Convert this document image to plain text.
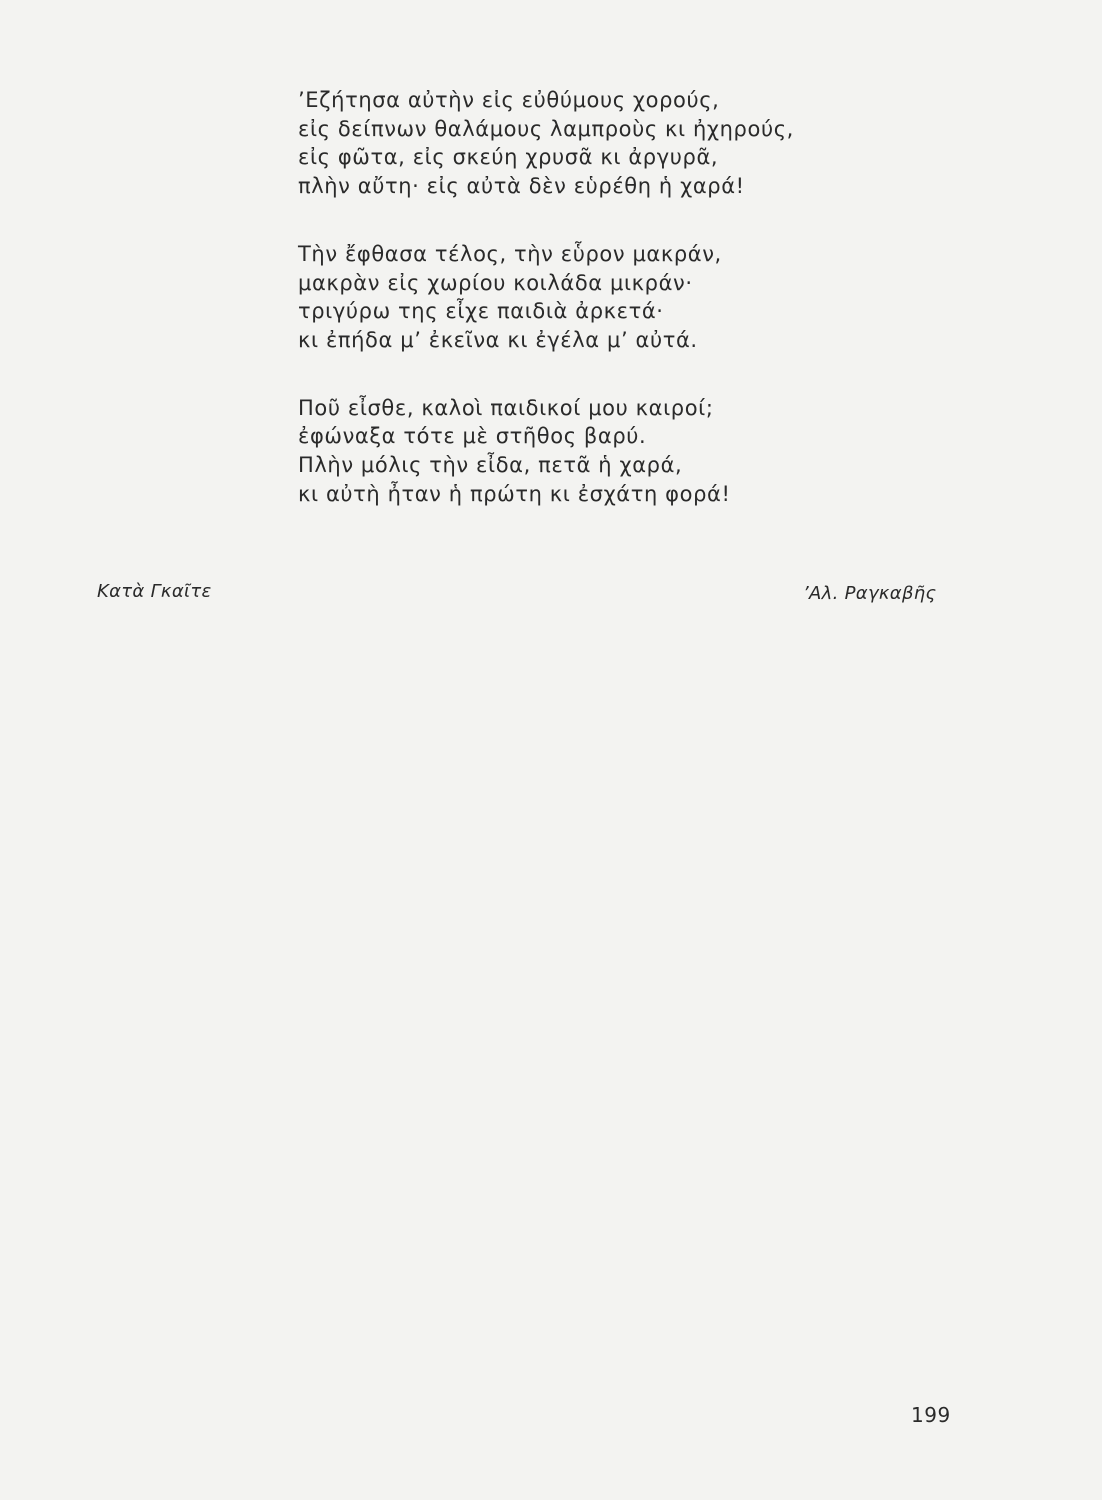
’Εζήτησα αὐτὴν εἰς εὐθύμους χορούς,
εἰς δείπνων θαλάμους λαμπροὺς κι ἠχηρούς,
εἰς φῶτα, εἰς σκεύη χρυσᾶ κι ἀργυρᾶ,
πλὴν αὔτη· εἰς αὐτὰ δὲν εὑρέθη ἡ χαρά!
Τὴν ἔφθασα τέλος, τὴν εὗρον μακράν,
μακρὰν εἰς χωρίου κοιλάδα μικράν·
τριγύρω της εἶχε παιδιὰ ἀρκετά·
κι ἐπήδα μ’ ἐκεῖνα κι ἐγέλα μ’ αὐτά.
Ποῦ εἶσθε, καλοὶ παιδικοί μου καιροί;
ἐφώναξα τότε μὲ στῆθος βαρύ.
Πλὴν μόλις τὴν εἶδα, πετᾶ ἡ χαρά,
κι αὐτὴ ἦταν ἡ πρώτη κι ἐσχάτη φορά!
Κατὰ Γκαῖτε	’Αλ. Ραγκαβῆς
199
